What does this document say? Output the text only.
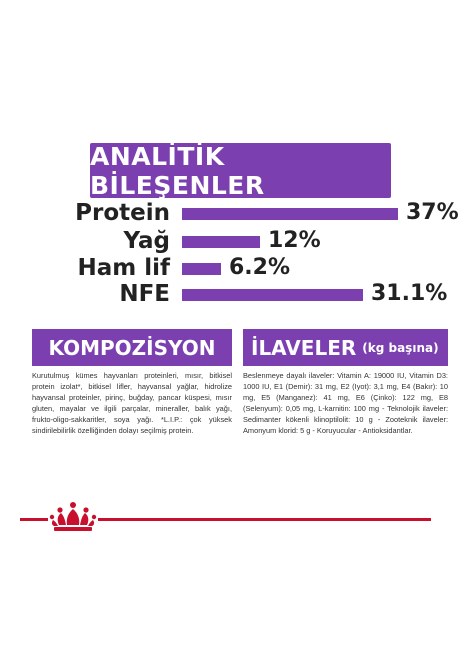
ANALİTİK BİLEŞENLER
Protein	37%
Yağ	12%
Ham lif	6.2%
NFE	31.1%
KOMPOZİSYON
Kurutulmuş kümes hayvanları proteinleri, mısır, bitkisel protein izolat*, bitkisel lifler, hayvansal yağlar, hidrolize hayvansal proteinler, pirinç, buğday, pancar küspesi, mısır gluten, mayalar ve ilgili parçalar, mineraller, balık yağı, frukto-oligo-sakkaritler, soya yağı. *L.I.P.: çok yüksek sindirilebilirlik özelliğinden dolayı seçilmiş protein.
İLAVELER (kg başına)
Beslenmeye dayalı ilaveler: Vitamin A: 19000 IU, Vitamin D3: 1000 IU, E1 (Demir): 31 mg, E2 (Iyot): 3,1 mg, E4 (Bakır): 10 mg, E5 (Manganez): 41 mg, E6 (Çinko): 122 mg, E8 (Selenyum): 0,05 mg, L-karnitin: 100 mg - Teknolojik ilaveler: Sedimanter kökenli klinoptilolit: 10 g - Zooteknik ilaveler: Amonyum klorid: 5 g - Koruyucular - Antioksidantlar.
